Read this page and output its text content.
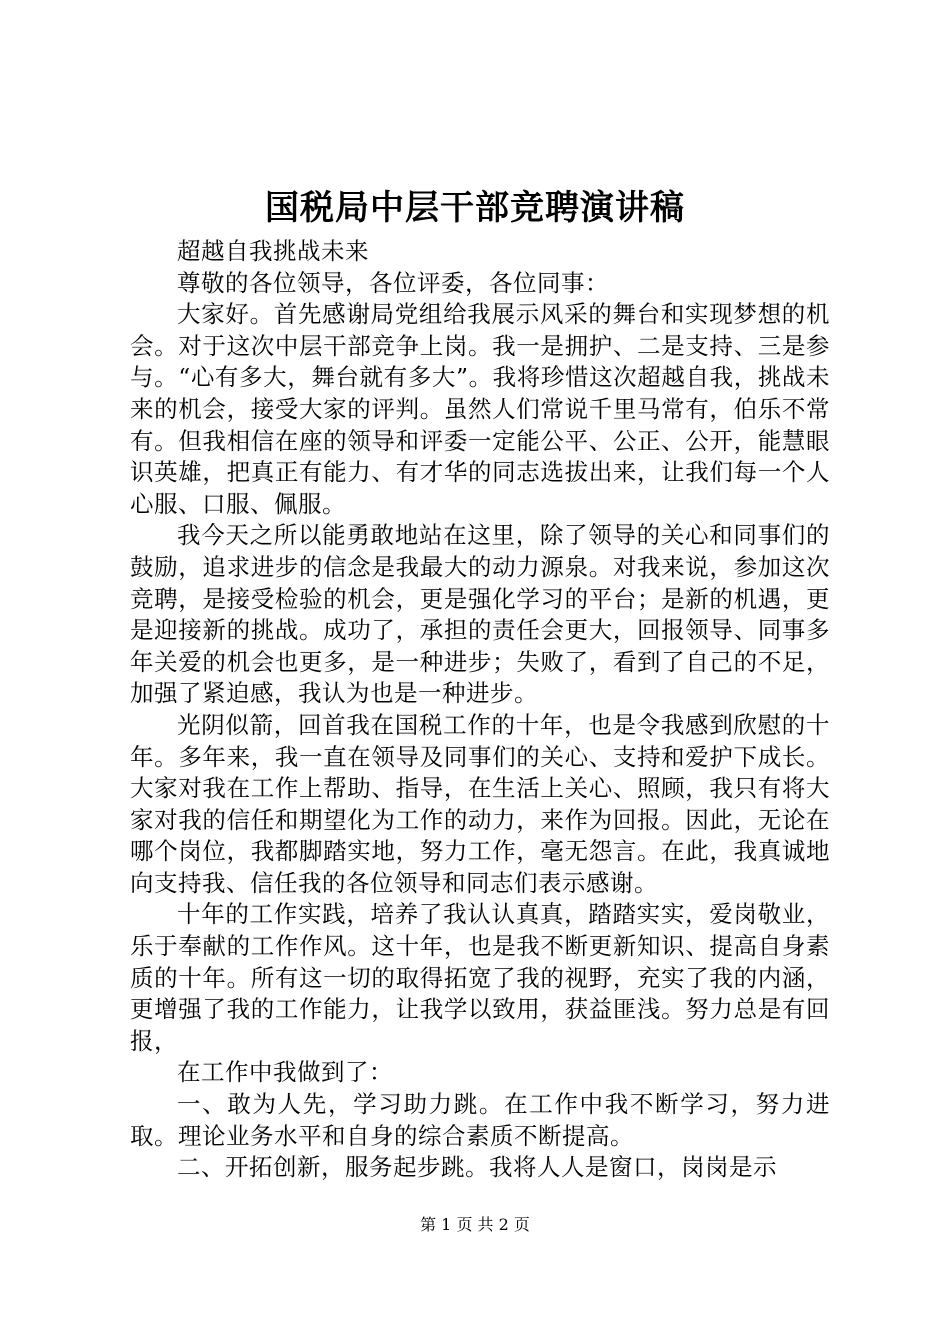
国税局中层干部竞聘演讲稿

超越自我挑战未来

尊敬的各位领导，各位评委，各位同事：

大家好。首先感谢局党组给我展示风采的舞台和实现梦想的机会。对于这次中层干部竞争上岗。我一是拥护、二是支持、三是参与。“心有多大，舞台就有多大”。我将珍惜这次超越自我，挑战未来的机会，接受大家的评判。虽然人们常说千里马常有，伯乐不常有。但我相信在座的领导和评委一定能公平、公正、公开，能慧眼识英雄，把真正有能力、有才华的同志选拔出来，让我们每一个人心服、口服、佩服。

我今天之所以能勇敢地站在这里，除了领导的关心和同事们的鼓励，追求进步的信念是我最大的动力源泉。对我来说，参加这次竞聘，是接受检验的机会，更是强化学习的平台；是新的机遇，更是迎接新的挑战。成功了，承担的责任会更大，回报领导、同事多年关爱的机会也更多，是一种进步；失败了，看到了自己的不足，加强了紧迫感，我认为也是一种进步。

光阴似箭，回首我在国税工作的十年，也是令我感到欣慰的十年。多年来，我一直在领导及同事们的关心、支持和爱护下成长。大家对我在工作上帮助、指导，在生活上关心、照顾，我只有将大家对我的信任和期望化为工作的动力，来作为回报。因此，无论在哪个岗位，我都脚踏实地，努力工作，毫无怨言。在此，我真诚地向支持我、信任我的各位领导和同志们表示感谢。

十年的工作实践，培养了我认认真真，踏踏实实，爱岗敬业，乐于奉献的工作作风。这十年，也是我不断更新知识、提高自身素质的十年。所有这一切的取得拓宽了我的视野，充实了我的内涵，更增强了我的工作能力，让我学以致用，获益匪浅。努力总是有回报，

在工作中我做到了：

一、敢为人先，学习助力跳。在工作中我不断学习，努力进取。理论业务水平和自身的综合素质不断提高。

二、开拓创新，服务起步跳。我将人人是窗口，岗岗是示

第 1 页 共 2 页
